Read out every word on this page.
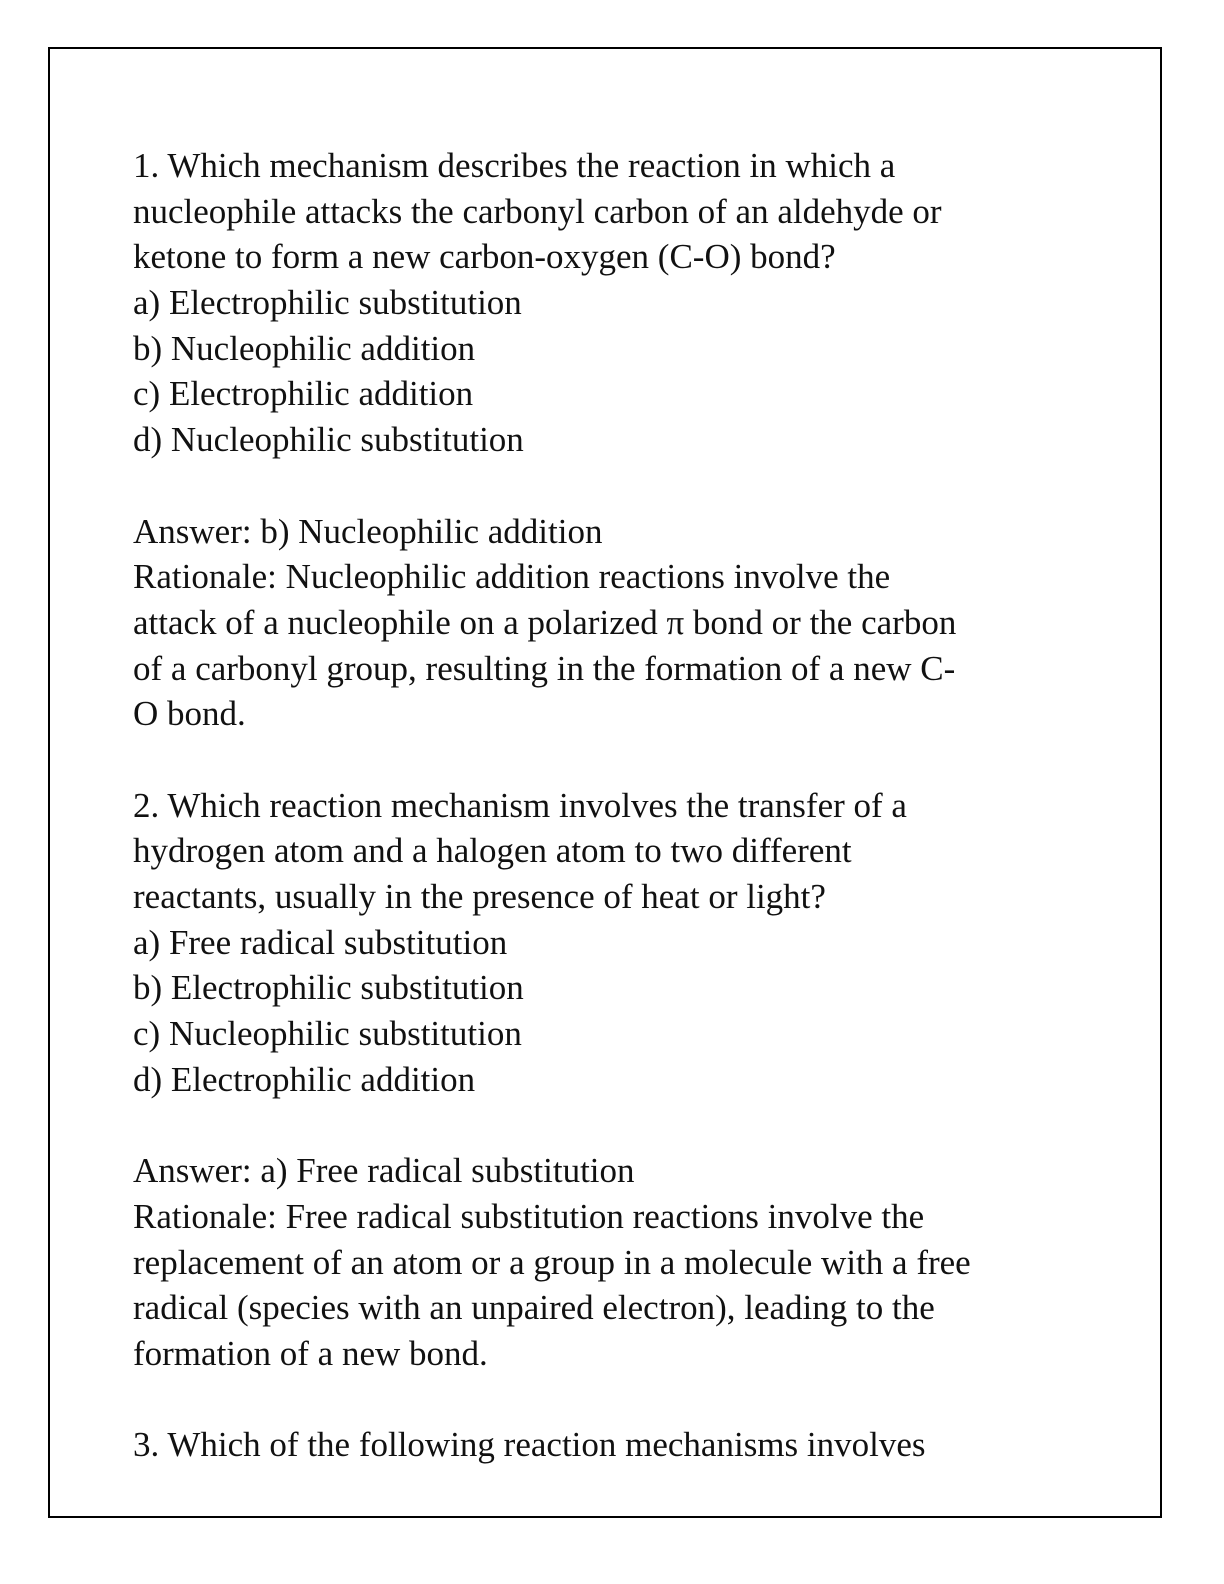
1. Which mechanism describes the reaction in which a
nucleophile attacks the carbonyl carbon of an aldehyde or
ketone to form a new carbon-oxygen (C-O) bond?
a) Electrophilic substitution
b) Nucleophilic addition
c) Electrophilic addition
d) Nucleophilic substitution
Answer: b) Nucleophilic addition
Rationale: Nucleophilic addition reactions involve the
attack of a nucleophile on a polarized π bond or the carbon
of a carbonyl group, resulting in the formation of a new C-
O bond.
2. Which reaction mechanism involves the transfer of a
hydrogen atom and a halogen atom to two different
reactants, usually in the presence of heat or light?
a) Free radical substitution
b) Electrophilic substitution
c) Nucleophilic substitution
d) Electrophilic addition
Answer: a) Free radical substitution
Rationale: Free radical substitution reactions involve the
replacement of an atom or a group in a molecule with a free
radical (species with an unpaired electron), leading to the
formation of a new bond.
3. Which of the following reaction mechanisms involves
